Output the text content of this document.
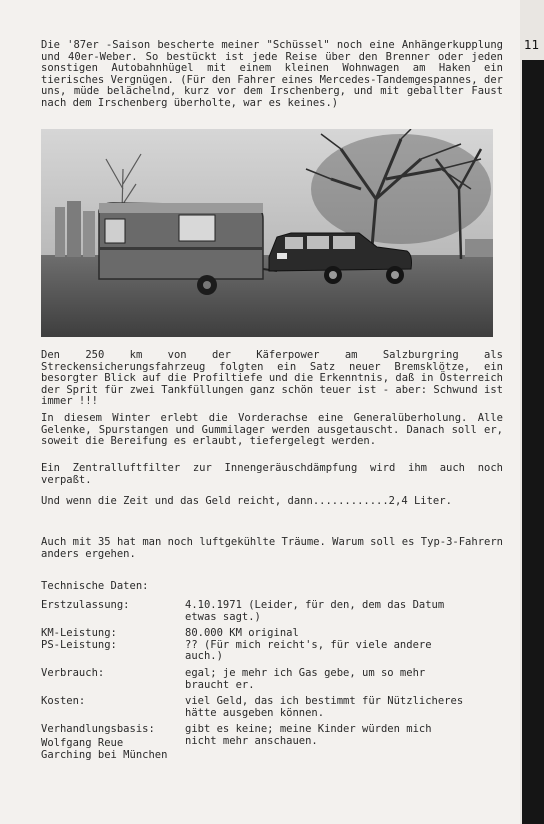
11

Die '87er -Saison bescherte meiner "Schüssel" noch eine Anhängerkupplung und 40er-Weber. So bestückt ist jede Reise über den Brenner oder jeden sonstigen Autobahnhügel mit einem kleinen Wohnwagen am Haken ein tierisches Vergnügen. (Für den Fahrer eines Mercedes-Tandemgespannes, der uns, müde belächelnd, kurz vor dem Irschenberg, und mit geballter Faust nach dem Irschenberg überholte, war es keines.)

Den 250 km von der Käferpower am Salzburgring als Streckensicherungsfahrzeug folgten ein Satz neuer Bremsklötze, ein besorgter Blick auf die Profiltiefe und die Erkenntnis, daß in Österreich der Sprit für zwei Tankfüllungen ganz schön teuer ist - aber: Schwund ist immer !!!

In diesem Winter erlebt die Vorderachse eine Generalüberholung. Alle Gelenke, Spurstangen und Gummilager werden ausgetauscht. Danach soll er, soweit die Bereifung es erlaubt, tiefergelegt werden.

Ein Zentralluftfilter zur Innengeräuschdämpfung wird ihm auch noch verpaßt.

Und wenn die Zeit und das Geld reicht, dann............2,4 Liter.

Auch mit 35 hat man noch luftgekühlte Träume. Warum soll es Typ-3-Fahrern anders ergehen.

Technische Daten:

Erstzulassung:	4.10.1971 (Leider, für den, dem das Datum
etwas sagt.)
KM-Leistung:	80.000 KM original
PS-Leistung:	?? (Für mich reicht's, für viele andere
auch.)
Verbrauch:	egal; je mehr ich Gas gebe, um so mehr
braucht er.
Kosten:	viel Geld, das ich bestimmt für Nützlicheres
hätte ausgeben können.
Verhandlungsbasis:	gibt es keine; meine Kinder würden mich
nicht mehr anschauen.
Wolfgang Reue
Garching bei München
